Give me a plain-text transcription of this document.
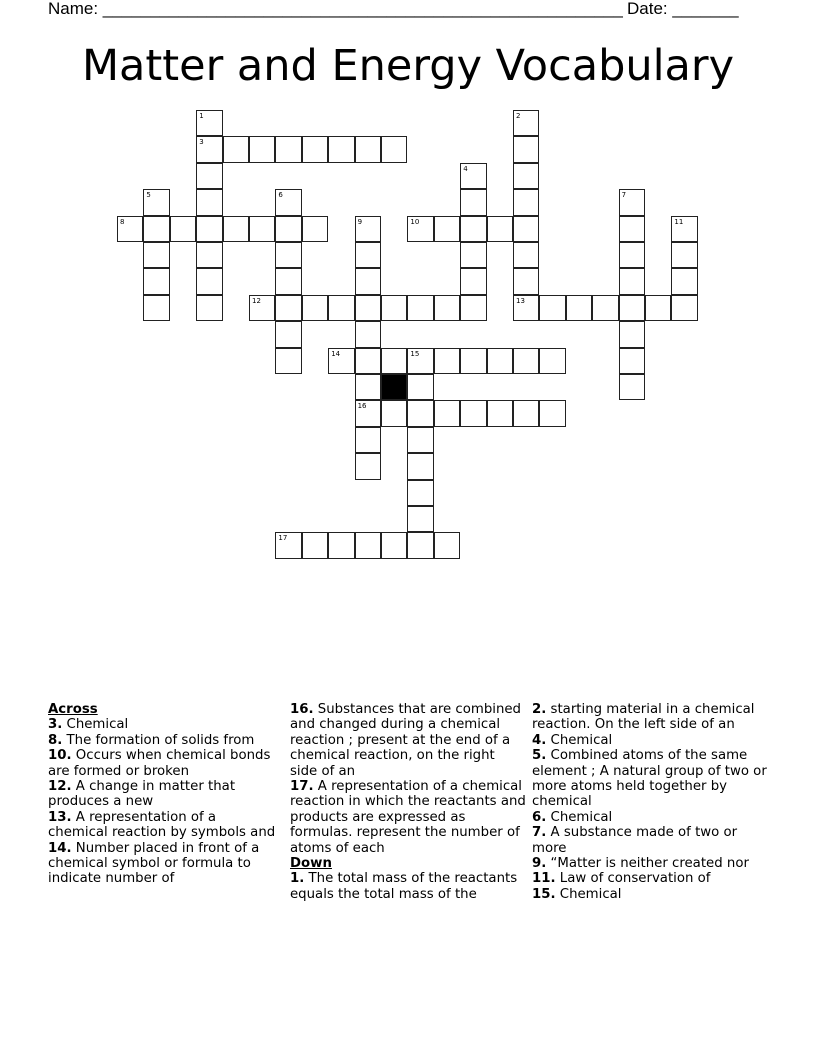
Name: _______________________________________________________ Date: _______
Matter and Energy Vocabulary
1
3
2
13
4
5	6	7
8	9
16
10	11
12
14	15
17
Across

3. Chemical

8. The formation of solids from

10. Occurs when chemical bonds are formed or broken

12. A change in matter that produces a new

13. A representation of a chemical reaction by symbols and

14. Number placed in front of a chemical symbol or formula to indicate number of

16. Substances that are combined and changed during a chemical reaction ; present at the end of a chemical reaction, on the right side of an

17. A representation of a chemical reaction in which the reactants and products are expressed as formulas. represent the number of atoms of each

Down

1. The total mass of the reactants equals the total mass of the

2. starting material in a chemical reaction. On the left side of an

4. Chemical

5. Combined atoms of the same element ; A natural group of two or more atoms held together by chemical

6. Chemical

7. A substance made of two or more

9. “Matter is neither created nor

11. Law of conservation of

15. Chemical
